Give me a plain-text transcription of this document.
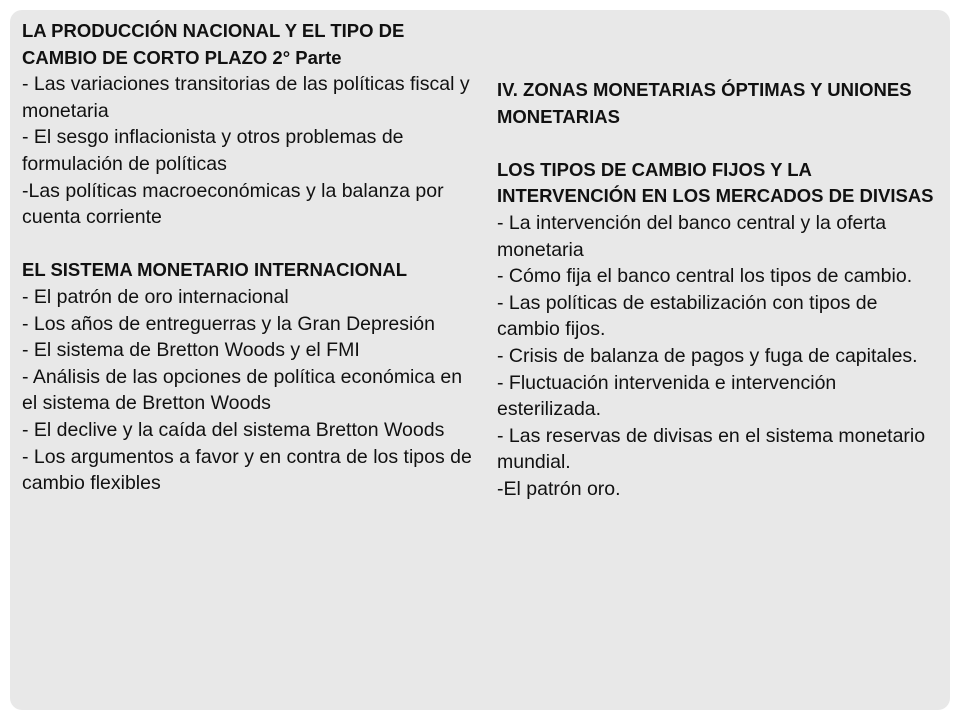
LA PRODUCCIÓN NACIONAL Y EL TIPO DE CAMBIO DE CORTO PLAZO 2° Parte
- Las variaciones transitorias de las políticas fiscal y monetaria
- El sesgo inflacionista y otros problemas de formulación de políticas
-Las políticas macroeconómicas y la balanza por cuenta corriente
EL SISTEMA MONETARIO INTERNACIONAL
- El patrón de oro internacional
- Los años de entreguerras y la Gran Depresión
- El sistema de Bretton Woods y el FMI
- Análisis de las opciones de política económica en el sistema de Bretton Woods
- El declive y la caída del sistema Bretton Woods
- Los argumentos a favor y en contra de los tipos de cambio flexibles
IV. ZONAS MONETARIAS ÓPTIMAS Y UNIONES MONETARIAS
LOS TIPOS DE CAMBIO FIJOS Y LA INTERVENCIÓN EN LOS MERCADOS DE DIVISAS
- La intervención del banco central y la oferta monetaria
- Cómo fija el banco central los tipos de cambio.
- Las políticas de estabilización con tipos de cambio fijos.
- Crisis de balanza de pagos y fuga de capitales.
- Fluctuación intervenida e intervención esterilizada.
- Las reservas de divisas en el sistema monetario mundial.
-El patrón oro.
